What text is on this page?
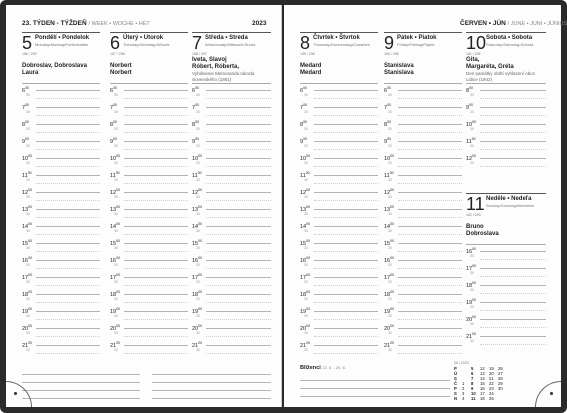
23. TÝDEN - TÝŽDEŇ / WEEK • WOCHE • HÉT	2023
5 Pondělí • Pondelok
Monday•Montag•Poniedziałek
156 / 209
Dobroslav, Dobroslava
Laura
$6^{00}$
30
$7^{00}$
30
$8^{00}$
30
$9^{00}$
30
$10^{00}$
30
$11^{00}$
30
$12^{00}$
30
$13^{00}$
30
$14^{00}$
30
$15^{00}$
30
$16^{00}$
30
$17^{00}$
30
$18^{00}$
30
$19^{00}$
30
$20^{00}$
30
$21^{00}$
30
6 Úterý • Utorok
Tuesday•Dienstag•Wtorek
157 / 208
Norbert
Norbert
$6^{00}$
30
$7^{00}$
30
$8^{00}$
30
$9^{00}$
30
$10^{00}$
30
$11^{00}$
30
$12^{00}$
30
$13^{00}$
30
$14^{00}$
30
$15^{00}$
30
$16^{00}$
30
$17^{00}$
30
$18^{00}$
30
$19^{00}$
30
$20^{00}$
30
$21^{00}$
30
7 Středa • Streda
Wednesday•Mittwoch•Środa
158 / 207
Iveta, Slavoj
Róbert, Róberta,
Vyhlásenie Memoranda národa slovenského (1861)
$6^{00}$
30
$7^{00}$
30
$8^{00}$
30
$9^{00}$
30
$10^{00}$
30
$11^{00}$
30
$12^{00}$
30
$13^{00}$
30
$14^{00}$
30
$15^{00}$
30
$16^{00}$
30
$17^{00}$
30
$18^{00}$
30
$19^{00}$
30
$20^{00}$
30
$21^{00}$
30
ČERVEN • JÚN / JUNE • JUNI • JÚNIUS
8 Čtvrtek • Štvrtok
Thursday•Donnerstag•Czwartek
159 / 206
Medard
Medard
$6^{00}$
30
$7^{00}$
30
$8^{00}$
30
$9^{00}$
30
$10^{00}$
30
$11^{00}$
30
$12^{00}$
30
$13^{00}$
30
$14^{00}$
30
$15^{00}$
30
$16^{00}$
30
$17^{00}$
30
$18^{00}$
30
$19^{00}$
30
$20^{00}$
30
$21^{00}$
30
9 Pátek • Piatok
Friday•Freitag•Piątek
160 / 205
Stanislava
Stanislava
$6^{00}$
30
$7^{00}$
30
$8^{00}$
30
$9^{00}$
30
$10^{00}$
30
$11^{00}$
30
$12^{00}$
30
$13^{00}$
30
$14^{00}$
30
$15^{00}$
30
$16^{00}$
30
$17^{00}$
30
$18^{00}$
30
$19^{00}$
30
$20^{00}$
30
$21^{00}$
30
10 Sobota • Sobota
Saturday•Samstag•Sobota
161 / 204
Gita,
Margaréta, Gréta
Den památky obětí vyhlazení obce Lidice (1942)
$8^{00}$
30
$9^{00}$
30
$10^{00}$
30
$11^{00}$
30
$12^{00}$
30
11 Neděle • Nedeľa
Sunday•Sonntag•Niedziela
162 / 203
Bruno
Dobroslava
$16^{00}$
30
$17^{00}$
30
$18^{00}$
30
$19^{00}$
30
$20^{00}$
30
$21^{00}$
30
Blíženci 22. 5. - 20. 6.
06 / 2023
P	5	12	19	26
Ú	6	13	20	27
S	7	14	21	28
Č	1	8	15	22	29
P	2	9	16	23	30
S	3	10	17	24
N	4	11	18	25
